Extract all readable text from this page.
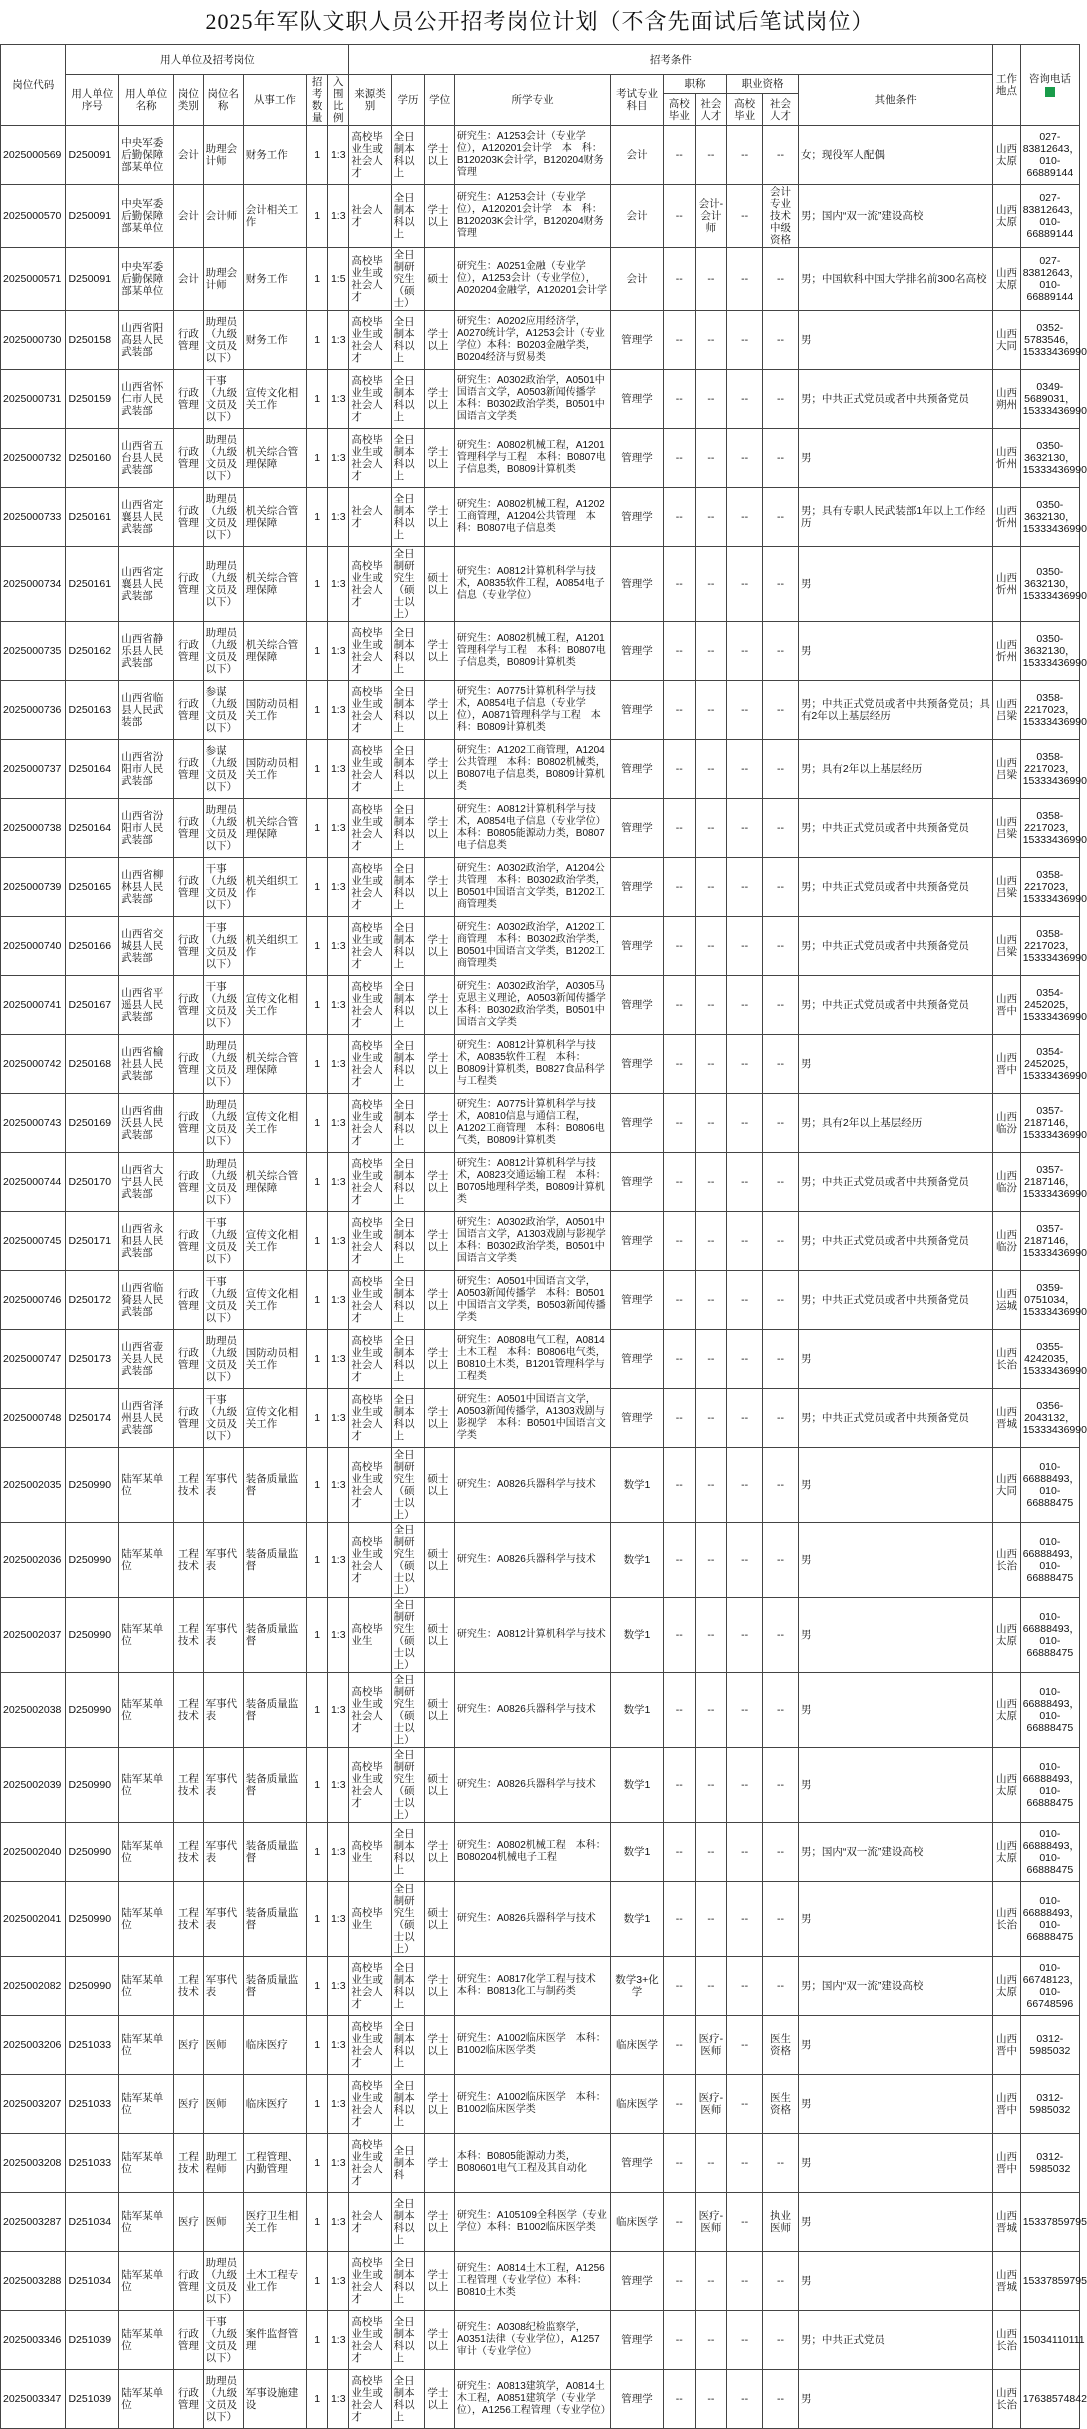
2025年军队文职人员公开招考岗位计划（不含先面试后笔试岗位）
岗位代码	用人单位及招考岗位							招考条件										工作地点	咨询电话

	用人单位序号	用人单位名称	岗位类别	岗位名称	从事工作	招考数量	入围比例	来源类别	学历	学位	所学专业	考试专业科目	职称		职业资格		其他条件		
													高校毕业	社会人才	高校毕业	社会人才			
2025000569	D250091	中央军委后勤保障部某单位	会计	助理会计师	财务工作	1	1:3	高校毕业生或社会人才	全日制本科以上	学士以上	研究生：A1253会计（专业学位），A120201会计学　本　科：B120203K会计学，B120204财务管理	会计	--	--	--	--	女；现役军人配偶	山西太原	027-83812643，010-66889144
2025000570	D250091	中央军委后勤保障部某单位	会计	会计师	会计相关工作	1	1:3	社会人才	全日制本科以上	学士以上	研究生：A1253会计（专业学位），A120201会计学　本　科：B120203K会计学，B120204财务管理	会计	--	会计-会计师	--	会计专业技术中级资格	男；国内“双一流”建设高校	山西太原	027-83812643，010-66889144
2025000571	D250091	中央军委后勤保障部某单位	会计	助理会计师	财务工作	1	1:5	高校毕业生或社会人才	全日制研究生（硕士）	硕士	研究生：A0251金融（专业学位），A1253会计（专业学位），A020204金融学，A120201会计学	会计	--	--	--	--	男；中国软科中国大学排名前300名高校	山西太原	027-83812643，010-66889144
2025000730	D250158	山西省阳高县人民武装部	行政管理	助理员（九级文员及以下）	财务工作	1	1:3	高校毕业生或社会人才	全日制本科以上	学士以上	研究生：A0202应用经济学，A0270统计学，A1253会计（专业学位）本科：B0203金融学类，B0204经济与贸易类	管理学	--	--	--	--	男	山西大同	0352-5783546，15333436990
2025000731	D250159	山西省怀仁市人民武装部	行政管理	干事（九级文员及以下）	宣传文化相关工作	1	1:3	高校毕业生或社会人才	全日制本科以上	学士以上	研究生：A0302政治学，A0501中国语言文学，A0503新闻传播学　本科：B0302政治学类，B0501中国语言文学类	管理学	--	--	--	--	男；中共正式党员或者中共预备党员	山西朔州	0349-5689031，15333436990
2025000732	D250160	山西省五台县人民武装部	行政管理	助理员（九级文员及以下）	机关综合管理保障	1	1:3	高校毕业生或社会人才	全日制本科以上	学士以上	研究生：A0802机械工程，A1201管理科学与工程　本科：B0807电子信息类，B0809计算机类	管理学	--	--	--	--	男	山西忻州	0350-3632130，15333436990
2025000733	D250161	山西省定襄县人民武装部	行政管理	助理员（九级文员及以下）	机关综合管理保障	1	1:3	社会人才	全日制本科以上	学士以上	研究生：A0802机械工程，A1202工商管理，A1204公共管理　本科：B0807电子信息类	管理学	--	--	--	--	男；具有专职人民武装部1年以上工作经历	山西忻州	0350-3632130，15333436990
2025000734	D250161	山西省定襄县人民武装部	行政管理	助理员（九级文员及以下）	机关综合管理保障	1	1:3	高校毕业生或社会人才	全日制研究生（硕士以上）	硕士以上	研究生：A0812计算机科学与技术，A0835软件工程，A0854电子信息（专业学位）	管理学	--	--	--	--	男	山西忻州	0350-3632130，15333436990
2025000735	D250162	山西省静乐县人民武装部	行政管理	助理员（九级文员及以下）	机关综合管理保障	1	1:3	高校毕业生或社会人才	全日制本科以上	学士以上	研究生：A0802机械工程，A1201管理科学与工程　本科：B0807电子信息类，B0809计算机类	管理学	--	--	--	--	男	山西忻州	0350-3632130，15333436990
2025000736	D250163	山西省临县人民武装部	行政管理	参谋（九级文员及以下）	国防动员相关工作	1	1:3	高校毕业生或社会人才	全日制本科以上	学士以上	研究生：A0775计算机科学与技术，A0854电子信息（专业学位），A0871管理科学与工程　本科：B0809计算机类	管理学	--	--	--	--	男；中共正式党员或者中共预备党员；具有2年以上基层经历	山西吕梁	0358-2217023，15333436990
2025000737	D250164	山西省汾阳市人民武装部	行政管理	参谋（九级文员及以下）	国防动员相关工作	1	1:3	高校毕业生或社会人才	全日制本科以上	学士以上	研究生：A1202工商管理，A1204公共管理　本科：B0802机械类，B0807电子信息类，B0809计算机类	管理学	--	--	--	--	男；具有2年以上基层经历	山西吕梁	0358-2217023，15333436990
2025000738	D250164	山西省汾阳市人民武装部	行政管理	助理员（九级文员及以下）	机关综合管理保障	1	1:3	高校毕业生或社会人才	全日制本科以上	学士以上	研究生：A0812计算机科学与技术，A0854电子信息（专业学位）本科：B0805能源动力类，B0807电子信息类	管理学	--	--	--	--	男；中共正式党员或者中共预备党员	山西吕梁	0358-2217023，15333436990
2025000739	D250165	山西省柳林县人民武装部	行政管理	干事（九级文员及以下）	机关组织工作	1	1:3	高校毕业生或社会人才	全日制本科以上	学士以上	研究生：A0302政治学，A1204公共管理　本科：B0302政治学类，B0501中国语言文学类，B1202工商管理类	管理学	--	--	--	--	男；中共正式党员或者中共预备党员	山西吕梁	0358-2217023，15333436990
2025000740	D250166	山西省交城县人民武装部	行政管理	干事（九级文员及以下）	机关组织工作	1	1:3	高校毕业生或社会人才	全日制本科以上	学士以上	研究生：A0302政治学，A1202工商管理　本科：B0302政治学类，B0501中国语言文学类，B1202工商管理类	管理学	--	--	--	--	男；中共正式党员或者中共预备党员	山西吕梁	0358-2217023，15333436990
2025000741	D250167	山西省平遥县人民武装部	行政管理	干事（九级文员及以下）	宣传文化相关工作	1	1:3	高校毕业生或社会人才	全日制本科以上	学士以上	研究生：A0302政治学，A0305马克思主义理论，A0503新闻传播学　本科：B0302政治学类，B0501中国语言文学类	管理学	--	--	--	--	男；中共正式党员或者中共预备党员	山西晋中	0354-2452025，15333436990
2025000742	D250168	山西省榆社县人民武装部	行政管理	助理员（九级文员及以下）	机关综合管理保障	1	1:3	高校毕业生或社会人才	全日制本科以上	学士以上	研究生：A0812计算机科学与技术，A0835软件工程　本科：B0809计算机类，B0827食品科学与工程类	管理学	--	--	--	--	男	山西晋中	0354-2452025，15333436990
2025000743	D250169	山西省曲沃县人民武装部	行政管理	助理员（九级文员及以下）	宣传文化相关工作	1	1:3	高校毕业生或社会人才	全日制本科以上	学士以上	研究生：A0775计算机科学与技术，A0810信息与通信工程，A1202工商管理　本科：B0806电气类，B0809计算机类	管理学	--	--	--	--	男；具有2年以上基层经历	山西临汾	0357-2187146，15333436990
2025000744	D250170	山西省大宁县人民武装部	行政管理	助理员（九级文员及以下）	机关综合管理保障	1	1:3	高校毕业生或社会人才	全日制本科以上	学士以上	研究生：A0812计算机科学与技术，A0823交通运输工程　本科：B0705地理科学类，B0809计算机类	管理学	--	--	--	--	男；中共正式党员或者中共预备党员	山西临汾	0357-2187146，15333436990
2025000745	D250171	山西省永和县人民武装部	行政管理	干事（九级文员及以下）	宣传文化相关工作	1	1:3	高校毕业生或社会人才	全日制本科以上	学士以上	研究生：A0302政治学，A0501中国语言文学，A1303戏剧与影视学　本科：B0302政治学类，B0501中国语言文学类	管理学	--	--	--	--	男；中共正式党员或者中共预备党员	山西临汾	0357-2187146，15333436990
2025000746	D250172	山西省临猗县人民武装部	行政管理	干事（九级文员及以下）	宣传文化相关工作	1	1:3	高校毕业生或社会人才	全日制本科以上	学士以上	研究生：A0501中国语言文学，A0503新闻传播学　本科：B0501中国语言文学类，B0503新闻传播学类	管理学	--	--	--	--	男；中共正式党员或者中共预备党员	山西运城	0359-0751034，15333436990
2025000747	D250173	山西省壶关县人民武装部	行政管理	助理员（九级文员及以下）	国防动员相关工作	1	1:3	高校毕业生或社会人才	全日制本科以上	学士以上	研究生：A0808电气工程，A0814土木工程　本科：B0806电气类，B0810土木类，B1201管理科学与工程类	管理学	--	--	--	--	男	山西长治	0355-4242035，15333436990
2025000748	D250174	山西省泽州县人民武装部	行政管理	干事（九级文员及以下）	宣传文化相关工作	1	1:3	高校毕业生或社会人才	全日制本科以上	学士以上	研究生：A0501中国语言文学，A0503新闻传播学，A1303戏剧与影视学　本科：B0501中国语言文学类	管理学	--	--	--	--	男；中共正式党员或者中共预备党员	山西晋城	0356-2043132，15333436990
2025002035	D250990	陆军某单位	工程技术	军事代表	装备质量监督	1	1:3	高校毕业生或社会人才	全日制研究生（硕士以上）	硕士以上	研究生：A0826兵器科学与技术	数学1	--	--	--	--	男	山西大同	010-66888493，010-66888475
2025002036	D250990	陆军某单位	工程技术	军事代表	装备质量监督	1	1:3	高校毕业生或社会人才	全日制研究生（硕士以上）	硕士以上	研究生：A0826兵器科学与技术	数学1	--	--	--	--	男	山西长治	010-66888493，010-66888475
2025002037	D250990	陆军某单位	工程技术	军事代表	装备质量监督	1	1:3	高校毕业生	全日制研究生（硕士以上）	硕士以上	研究生：A0812计算机科学与技术	数学1	--	--	--	--	男	山西太原	010-66888493，010-66888475
2025002038	D250990	陆军某单位	工程技术	军事代表	装备质量监督	1	1:3	高校毕业生或社会人才	全日制研究生（硕士以上）	硕士以上	研究生：A0826兵器科学与技术	数学1	--	--	--	--	男	山西太原	010-66888493，010-66888475
2025002039	D250990	陆军某单位	工程技术	军事代表	装备质量监督	1	1:3	高校毕业生或社会人才	全日制研究生（硕士以上）	硕士以上	研究生：A0826兵器科学与技术	数学1	--	--	--	--	男	山西太原	010-66888493，010-66888475
2025002040	D250990	陆军某单位	工程技术	军事代表	装备质量监督	1	1:3	高校毕业生	全日制本科以上	学士以上	研究生：A0802机械工程　本科：B080204机械电子工程	数学1	--	--	--	--	男；国内“双一流”建设高校	山西太原	010-66888493，010-66888475
2025002041	D250990	陆军某单位	工程技术	军事代表	装备质量监督	1	1:3	高校毕业生	全日制研究生（硕士以上）	硕士以上	研究生：A0826兵器科学与技术	数学1	--	--	--	--	男	山西长治	010-66888493，010-66888475
2025002082	D250990	陆军某单位	工程技术	军事代表	装备质量监督	1	1:3	高校毕业生或社会人才	全日制本科以上	学士以上	研究生：A0817化学工程与技术　本科：B0813化工与制药类	数学3+化学	--	--	--	--	男；国内“双一流”建设高校	山西太原	010-66748123，010-66748596
2025003206	D251033	陆军某单位	医疗	医师	临床医疗	1	1:3	高校毕业生或社会人才	全日制本科以上	学士以上	研究生：A1002临床医学　本科：B1002临床医学类	临床医学	--	医疗-医师	--	医生资格	男	山西晋中	0312-5985032
2025003207	D251033	陆军某单位	医疗	医师	临床医疗	1	1:3	高校毕业生或社会人才	全日制本科以上	学士以上	研究生：A1002临床医学　本科：B1002临床医学类	临床医学	--	医疗-医师	--	医生资格	男	山西晋中	0312-5985032
2025003208	D251033	陆军某单位	工程技术	助理工程师	工程管理、内勤管理	1	1:3	高校毕业生或社会人才	全日制本科	学士	本科：B0805能源动力类，B080601电气工程及其自动化	管理学	--	--	--	--	男	山西晋中	0312-5985032
2025003287	D251034	陆军某单位	医疗	医师	医疗卫生相关工作	1	1:3	社会人才	全日制本科以上	学士以上	研究生：A105109全科医学（专业学位）本科：B1002临床医学类	临床医学	--	医疗-医师	--	执业医师	男	山西晋城	15337859795
2025003288	D251034	陆军某单位	行政管理	助理员（九级文员及以下）	土木工程专业工作	1	1:3	高校毕业生或社会人才	全日制本科以上	学士以上	研究生：A0814土木工程，A1256工程管理（专业学位）本科：B0810土木类	管理学	--	--	--	--	男	山西晋城	15337859795
2025003346	D251039	陆军某单位	行政管理	干事（九级文员及以下）	案件监督管理	1	1:3	高校毕业生或社会人才	全日制本科以上	学士以上	研究生：A0308纪检监察学，A0351法律（专业学位），A1257审计（专业学位）	管理学	--	--	--	--	男；中共正式党员	山西长治	15034110111
2025003347	D251039	陆军某单位	行政管理	助理员（九级文员及以下）	军事设施建设	1	1:3	高校毕业生或社会人才	全日制本科以上	学士以上	研究生：A0813建筑学，A0814土木工程，A0851建筑学（专业学位），A1256工程管理（专业学位）	管理学	--	--	--	--	男	山西长治	17638574842
